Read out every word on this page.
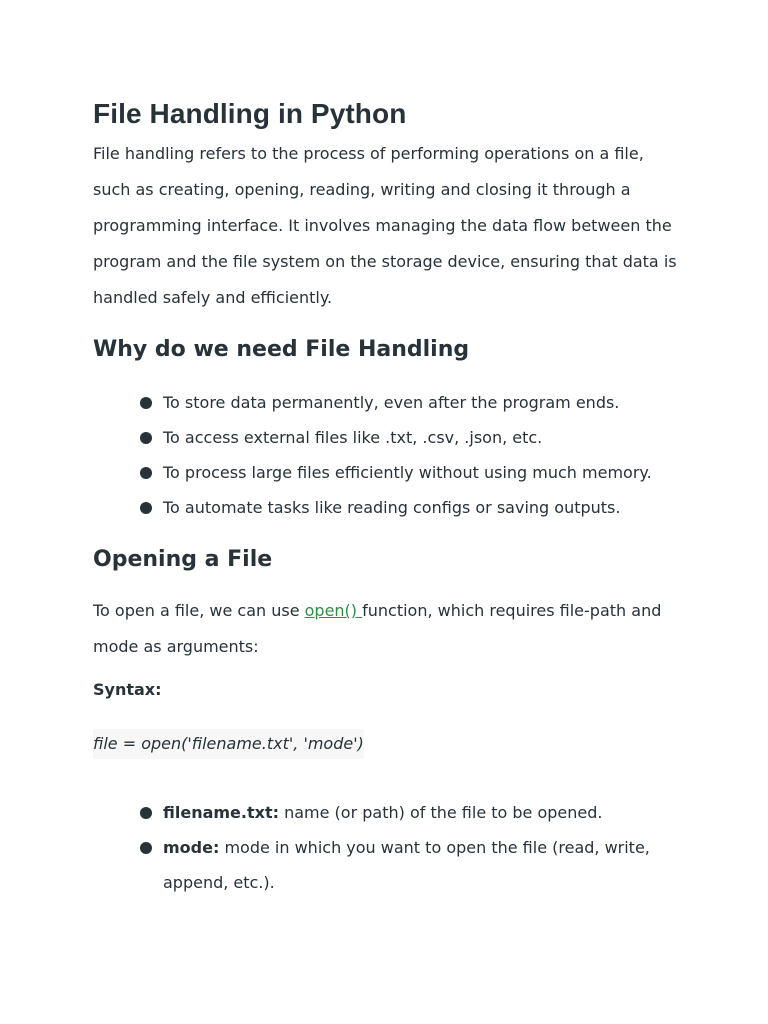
File Handling in Python

File handling refers to the process of performing operations on a file, such as creating, opening, reading, writing and closing it through a programming interface. It involves managing the data flow between the program and the file system on the storage device, ensuring that data is handled safely and efficiently.

Why do we need File Handling
To store data permanently, even after the program ends.
To access external files like .txt, .csv, .json, etc.
To process large files efficiently without using much memory.
To automate tasks like reading configs or saving outputs.
Opening a File

To open a file, we can use open() function, which requires file-path and mode as arguments:

Syntax:

file = open('filename.txt', 'mode')

filename.txt: name (or path) of the file to be opened.
mode: mode in which you want to open the file (read, write, append, etc.).
